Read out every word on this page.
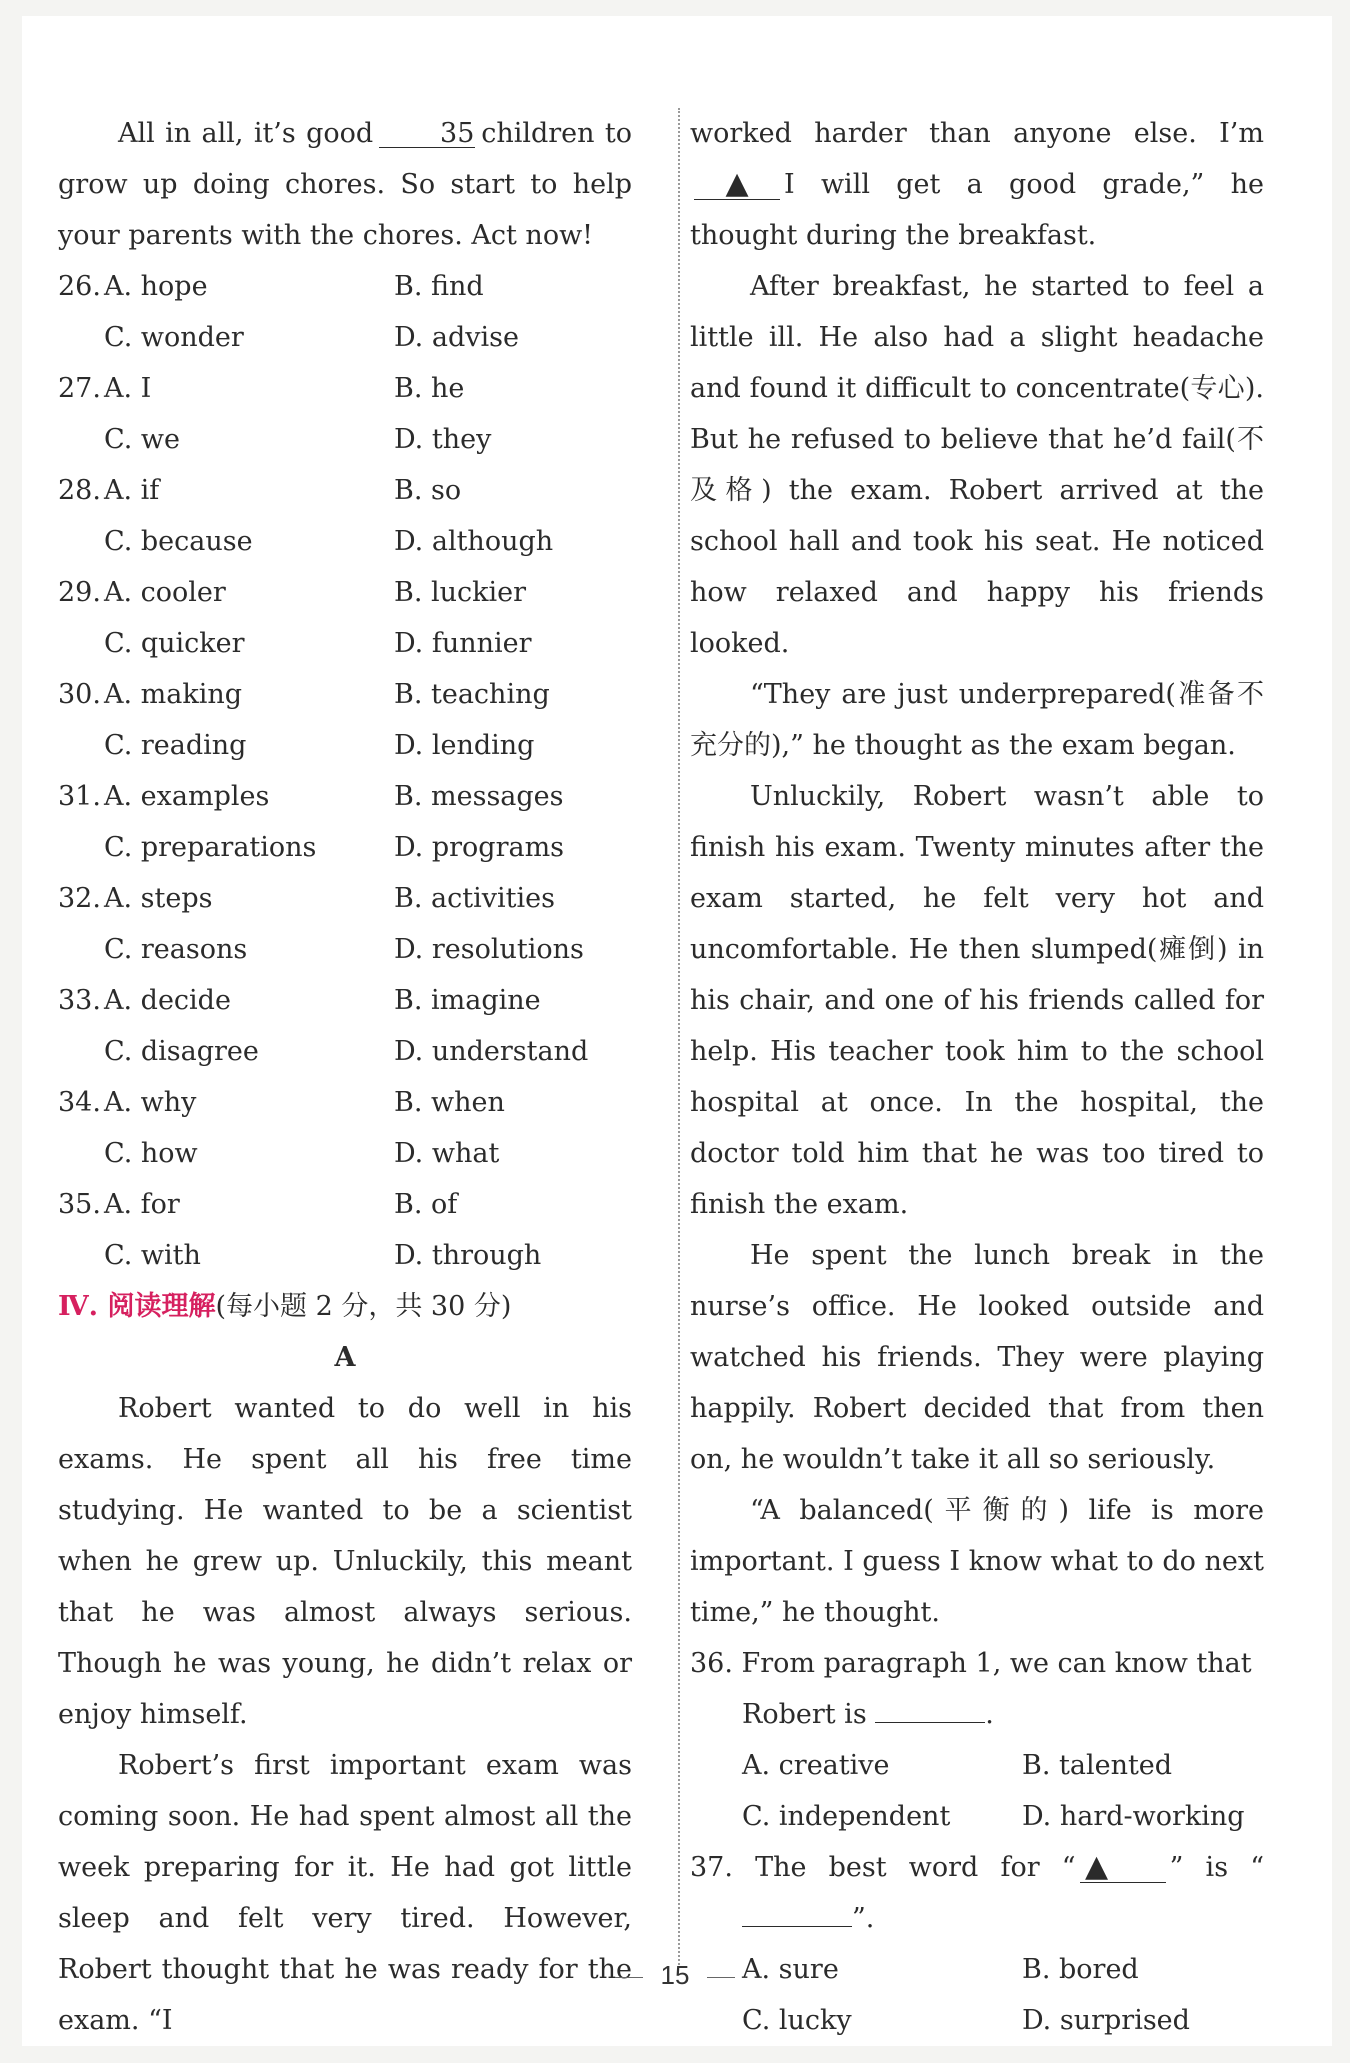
All in all, it’s good 35 children to grow up doing chores. So start to help your parents with the chores. Act now!

26. A. hope	B. find
C. wonder	D. advise
27. A. I	B. he
C. we	D. they
28. A. if	B. so
C. because	D. although
29. A. cooler	B. luckier
C. quicker	D. funnier
30. A. making	B. teaching
C. reading	D. lending
31. A. examples	B. messages
C. preparations	D. programs
32. A. steps	B. activities
C. reasons	D. resolutions
33. A. decide	B. imagine
C. disagree	D. understand
34. A. why	B. when
C. how	D. what
35. A. for	B. of
C. with	D. through

Ⅳ. 阅读理解(每小题 2 分，共 30 分)

A

Robert wanted to do well in his exams. He spent all his free time studying. He wanted to be a scientist when he grew up. Unluckily, this meant that he was almost always serious. Though he was young, he didn’t relax or enjoy himself.

Robert’s first important exam was coming soon. He had spent almost all the week preparing for it. He had got little sleep and felt very tired. However, Robert thought that he was ready for the exam. “I

worked harder than anyone else. I’m▲ I will get a good grade,” he thought during the breakfast.

After breakfast, he started to feel a little ill. He also had a slight headache and found it difficult to concentrate(专心). But he refused to believe that he’d fail(不及格) the exam. Robert arrived at the school hall and took his seat. He noticed how relaxed and happy his friends looked.

“They are just underprepared(准备不充分的),” he thought as the exam began.

Unluckily, Robert wasn’t able to finish his exam. Twenty minutes after the exam started, he felt very hot and uncomfortable. He then slumped(瘫倒) in his chair, and one of his friends called for help. His teacher took him to the school hospital at once. In the hospital, the doctor told him that he was too tired to finish the exam.

He spent the lunch break in the nurse’s office. He looked outside and watched his friends. They were playing happily. Robert decided that from then on, he wouldn’t take it all so seriously.

“A balanced(平衡的) life is more important. I guess I know what to do next time,” he thought.

36. From paragraph 1, we can know that Robert is	.

A. creative	B. talented
C. independent	D. hard-working

37. The best word for “ ▲ ” is “”.

A. sure	B. bored
C. lucky	D. surprised
15
